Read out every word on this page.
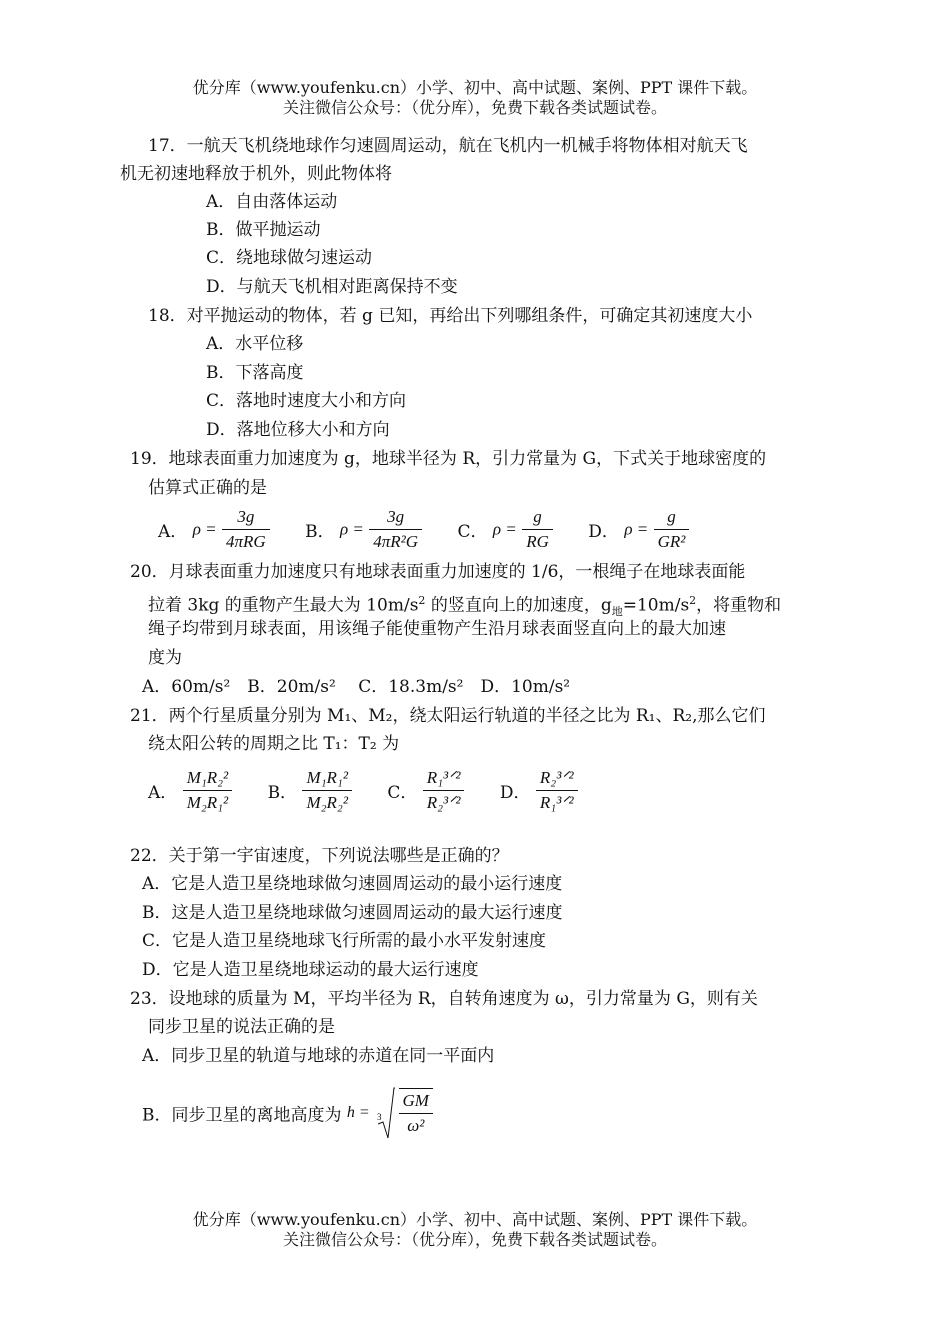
优分库（www.youfenku.cn）小学、初中、高中试题、案例、PPT 课件下载。
关注微信公众号：（优分库），免费下载各类试题试卷。
17．一航天飞机绕地球作匀速圆周运动，航在飞机内一机械手将物体相对航天飞
机无初速地释放于机外，则此物体将
A．自由落体运动
B．做平抛运动
C．绕地球做匀速运动
D．与航天飞机相对距离保持不变
18．对平抛运动的物体，若 g 已知，再给出下列哪组条件，可确定其初速度大小
A．水平位移
B．下落高度
C．落地时速度大小和方向
D．落地位移大小和方向
19．地球表面重力加速度为 g，地球半径为 R，引力常量为 G，下式关于地球密度的
估算式正确的是
A． $\rho = \frac{3g}{\text{4πRG}}$ B． $\rho = \frac{3g}{\text{4πR²G}}$ C． $\rho = \frac{g}{RG}$ D． $\rho = \frac{g}{\text{GR²}}$
20．月球表面重力加速度只有地球表面重力加速度的 1/6，一根绳子在地球表面能
拉着 3kg 的重物产生最大为 $10m/s^2$ 的竖直向上的加速度，$g_地=10m/s^2$，将重物和
绳子均带到月球表面，用该绳子能使重物产生沿月球表面竖直向上的最大加速
度为
A．60m/s²　B．20m/s²　 C．18.3m/s²　D．10m/s²
21．两个行星质量分别为 M₁、M₂，绕太阳运行轨道的半径之比为 R₁、R₂,那么它们
绕太阳公转的周期之比 T₁：T₂ 为
A． $\frac{\text{M₁R₂²}}{\text{M₂R₁²}}$ B． $\frac{\text{M₁R₁²}}{\text{M₂R₂²}}$ C． $\frac{\text{R₁³ᐟ²}}{\text{R₂³ᐟ²}}$ D． $\frac{\text{R₂³ᐟ²}}{\text{R₁³ᐟ²}}$
22．关于第一宇宙速度，下列说法哪些是正确的？
A．它是人造卫星绕地球做匀速圆周运动的最小运行速度
B．这是人造卫星绕地球做匀速圆周运动的最大运行速度
C．它是人造卫星绕地球飞行所需的最小水平发射速度
D．它是人造卫星绕地球运动的最大运行速度
23．设地球的质量为 M，平均半径为 R，自转角速度为 ω，引力常量为 G，则有关
同步卫星的说法正确的是
A．同步卫星的轨道与地球的赤道在同一平面内
B．同步卫星的离地高度为 h = 3
$\frac{GM}{\text{ω²}}$
优分库（www.youfenku.cn）小学、初中、高中试题、案例、PPT 课件下载。
关注微信公众号：（优分库），免费下载各类试题试卷。
